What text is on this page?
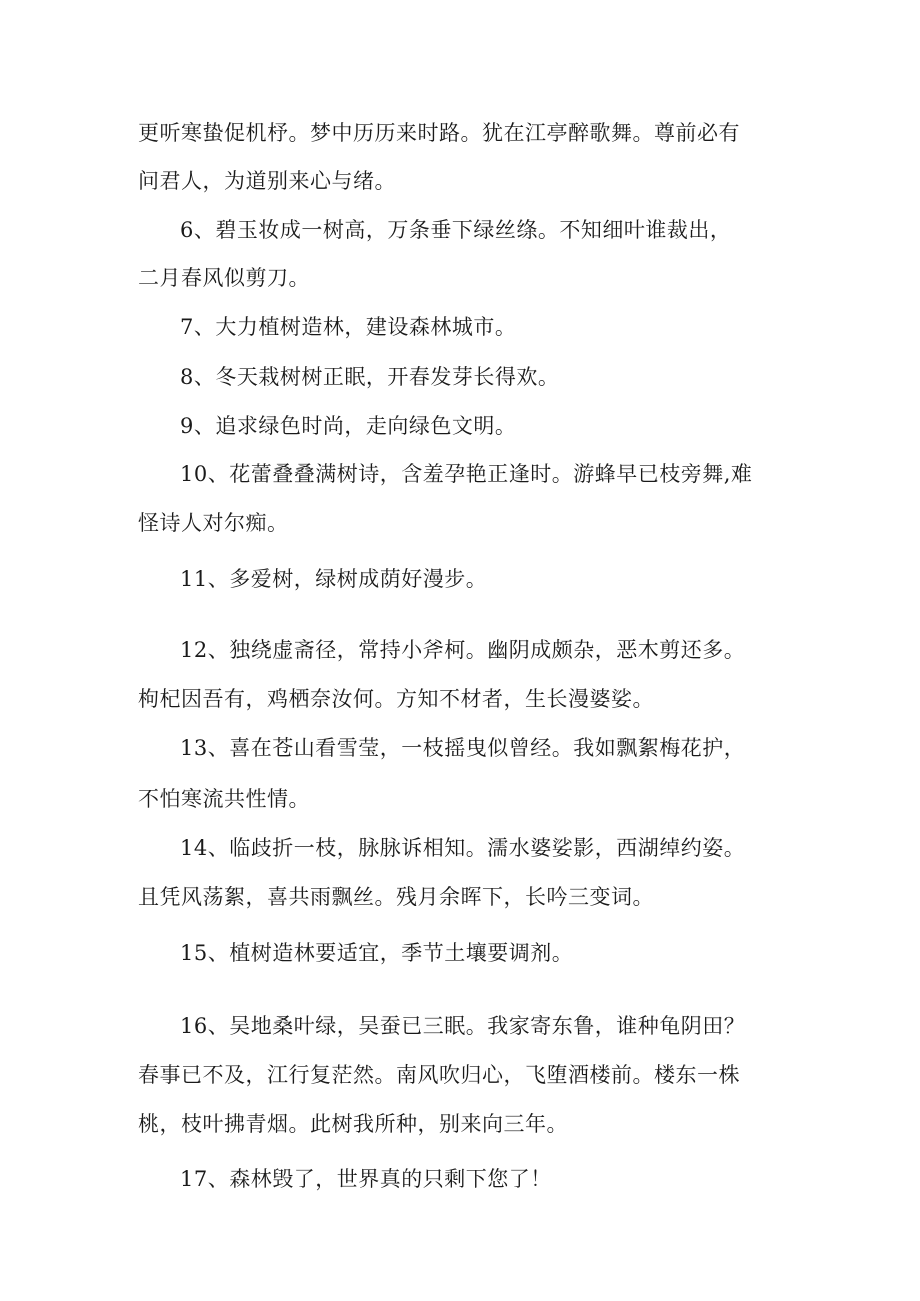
更听寒蛰促机杼。梦中历历来时路。犹在江亭醉歌舞。尊前必有
问君人，为道别来心与绪。
6、碧玉妆成一树高，万条垂下绿丝绦。不知细叶谁裁出，
二月春风似剪刀。
7、大力植树造林，建设森林城市。
8、冬天栽树树正眠，开春发芽长得欢。
9、追求绿色时尚，走向绿色文明。
10、花蕾叠叠满树诗，含羞孕艳正逢时。游蜂早已枝旁舞,难
怪诗人对尔痴。
11、多爱树，绿树成荫好漫步。
12、独绕虚斋径，常持小斧柯。幽阴成颇杂，恶木剪还多。
枸杞因吾有，鸡栖奈汝何。方知不材者，生长漫婆娑。
13、喜在苍山看雪莹，一枝摇曳似曾经。我如飘絮梅花护，
不怕寒流共性情。
14、临歧折一枝，脉脉诉相知。濡水婆娑影，西湖绰约姿。
且凭风荡絮，喜共雨飘丝。残月余晖下，长吟三变词。
15、植树造林要适宜，季节土壤要调剂。
16、吴地桑叶绿，吴蚕已三眠。我家寄东鲁，谁种龟阴田？
春事已不及，江行复茫然。南风吹归心，飞堕酒楼前。楼东一株
桃，枝叶拂青烟。此树我所种，别来向三年。
17、森林毁了，世界真的只剩下您了！
